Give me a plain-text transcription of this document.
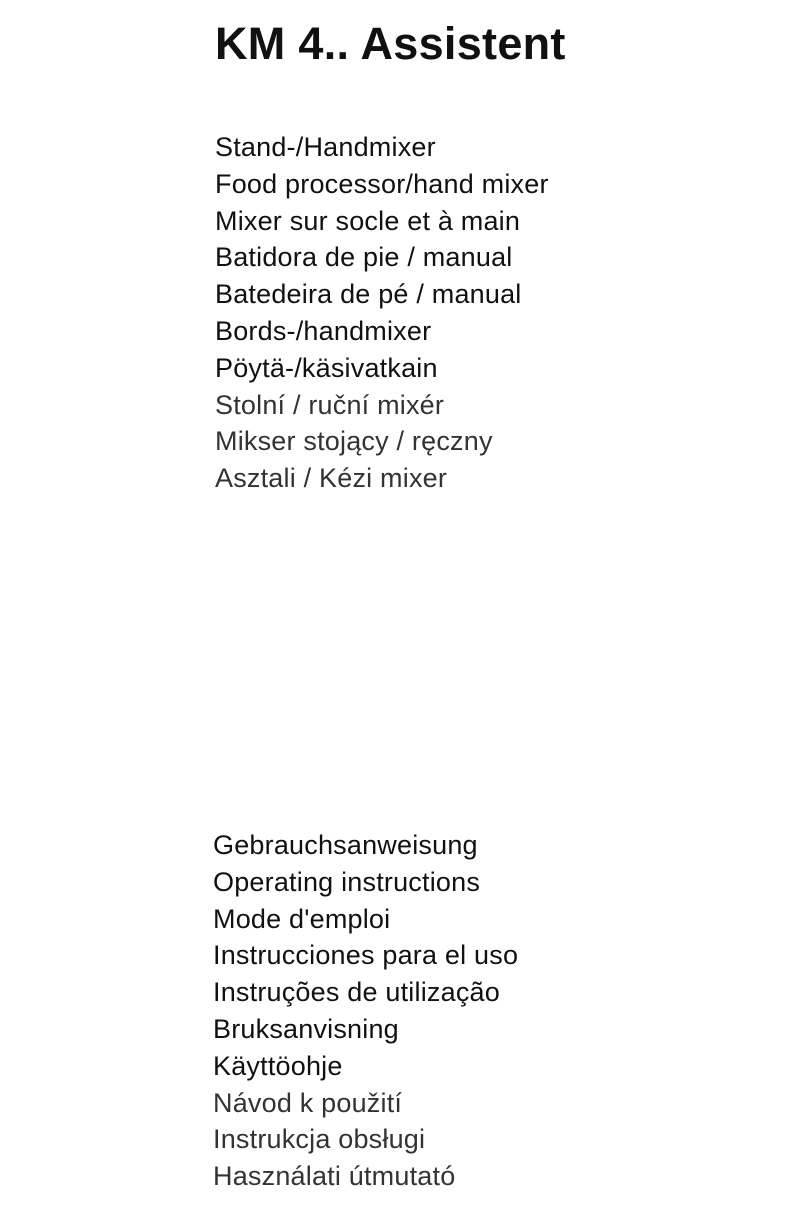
KM 4.. Assistent
Stand-/Handmixer
Food processor/hand mixer
Mixer sur socle et à main
Batidora de pie / manual
Batedeira de pé / manual
Bords-/handmixer
Pöytä-/käsivatkain
Stolní / ruční mixér
Mikser stojący / ręczny
Asztali / Kézi mixer
Gebrauchsanweisung
Operating instructions
Mode d'emploi
Instrucciones para el uso
Instruções de utilização
Bruksanvisning
Käyttöohje
Návod k použití
Instrukcja obsługi
Használati útmutató
